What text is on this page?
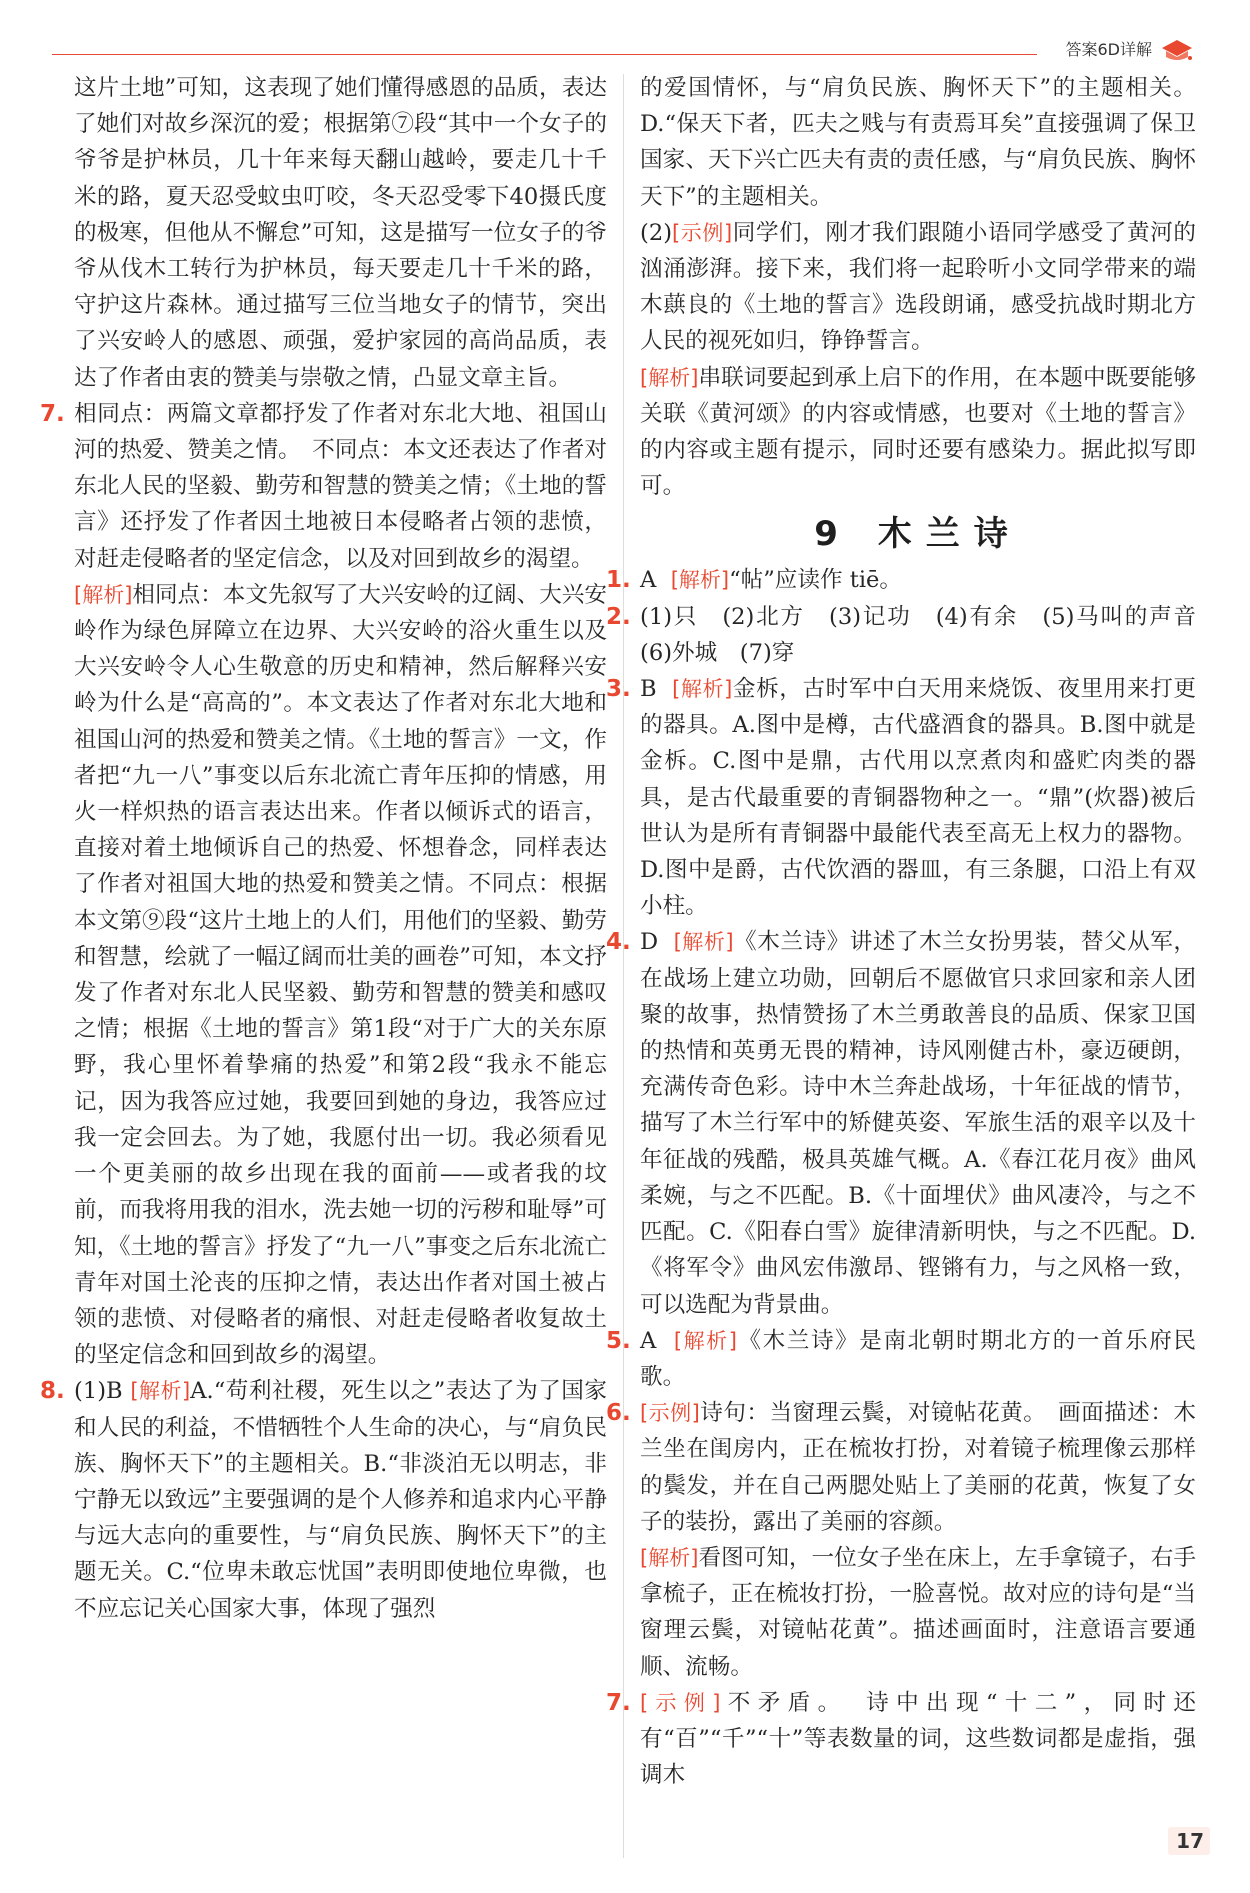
答案6D详解

这片土地”可知，这表现了她们懂得感恩的品质，表达了她们对故乡深沉的爱；根据第⑦段“其中一个女子的爷爷是护林员，几十年来每天翻山越岭，要走几十千米的路，夏天忍受蚊虫叮咬，冬天忍受零下40摄氏度的极寒，但他从不懈怠”可知，这是描写一位女子的爷爷从伐木工转行为护林员，每天要走几十千米的路，守护这片森林。通过描写三位当地女子的情节，突出了兴安岭人的感恩、顽强，爱护家园的高尚品质，表达了作者由衷的赞美与崇敬之情，凸显文章主旨。

7. 相同点：两篇文章都抒发了作者对东北大地、祖国山河的热爱、赞美之情。　不同点：本文还表达了作者对东北人民的坚毅、勤劳和智慧的赞美之情；《土地的誓言》还抒发了作者因土地被日本侵略者占领的悲愤，对赶走侵略者的坚定信念，以及对回到故乡的渴望。

[解析]相同点：本文先叙写了大兴安岭的辽阔、大兴安岭作为绿色屏障立在边界、大兴安岭的浴火重生以及大兴安岭令人心生敬意的历史和精神，然后解释兴安岭为什么是“高高的”。本文表达了作者对东北大地和祖国山河的热爱和赞美之情。《土地的誓言》一文，作者把“九一八”事变以后东北流亡青年压抑的情感，用火一样炽热的语言表达出来。作者以倾诉式的语言，直接对着土地倾诉自己的热爱、怀想眷念，同样表达了作者对祖国大地的热爱和赞美之情。不同点：根据本文第⑨段“这片土地上的人们，用他们的坚毅、勤劳和智慧，绘就了一幅辽阔而壮美的画卷”可知，本文抒发了作者对东北人民坚毅、勤劳和智慧的赞美和感叹之情；根据《土地的誓言》第1段“对于广大的关东原野，我心里怀着挚痛的热爱”和第2段“我永不能忘记，因为我答应过她，我要回到她的身边，我答应过我一定会回去。为了她，我愿付出一切。我必须看见一个更美丽的故乡出现在我的面前——或者我的坟前，而我将用我的泪水，洗去她一切的污秽和耻辱”可知，《土地的誓言》抒发了“九一八”事变之后东北流亡青年对国土沦丧的压抑之情，表达出作者对国土被占领的悲愤、对侵略者的痛恨、对赶走侵略者收复故土的坚定信念和回到故乡的渴望。

8. (1)B [解析]A.“苟利社稷，死生以之”表达了为了国家和人民的利益，不惜牺牲个人生命的决心，与“肩负民族、胸怀天下”的主题相关。B.“非淡泊无以明志，非宁静无以致远”主要强调的是个人修养和追求内心平静与远大志向的重要性，与“肩负民族、胸怀天下”的主题无关。C.“位卑未敢忘忧国”表明即使地位卑微，也不应忘记关心国家大事，体现了强烈

的爱国情怀，与“肩负民族、胸怀天下”的主题相关。D.“保天下者，匹夫之贱与有责焉耳矣”直接强调了保卫国家、天下兴亡匹夫有责的责任感，与“肩负民族、胸怀天下”的主题相关。

(2)[示例]同学们，刚才我们跟随小语同学感受了黄河的汹涌澎湃。接下来，我们将一起聆听小文同学带来的端木蕻良的《土地的誓言》选段朗诵，感受抗战时期北方人民的视死如归，铮铮誓言。

[解析]串联词要起到承上启下的作用，在本题中既要能够关联《黄河颂》的内容或情感，也要对《土地的誓言》的内容或主题有提示，同时还要有感染力。据此拟写即可。

9 木兰诗
1. A [解析]“帖”应读作 tiē。

2. (1)只　(2)北方　(3)记功　(4)有余　(5)马叫的声音　(6)外城　(7)穿

3. B [解析]金柝，古时军中白天用来烧饭、夜里用来打更的器具。A.图中是樽，古代盛酒食的器具。B.图中就是金柝。C.图中是鼎，古代用以烹煮肉和盛贮肉类的器具，是古代最重要的青铜器物种之一。“鼎”(炊器)被后世认为是所有青铜器中最能代表至高无上权力的器物。D.图中是爵，古代饮酒的器皿，有三条腿，口沿上有双小柱。

4. D [解析]《木兰诗》讲述了木兰女扮男装，替父从军，在战场上建立功勋，回朝后不愿做官只求回家和亲人团聚的故事，热情赞扬了木兰勇敢善良的品质、保家卫国的热情和英勇无畏的精神，诗风刚健古朴，豪迈硬朗，充满传奇色彩。诗中木兰奔赴战场，十年征战的情节，描写了木兰行军中的矫健英姿、军旅生活的艰辛以及十年征战的残酷，极具英雄气概。A.《春江花月夜》曲风柔婉，与之不匹配。B.《十面埋伏》曲风凄冷，与之不匹配。C.《阳春白雪》旋律清新明快，与之不匹配。D.《将军令》曲风宏伟激昂、铿锵有力，与之风格一致，可以选配为背景曲。

5. A [解析]《木兰诗》是南北朝时期北方的一首乐府民歌。

6. [示例]诗句：当窗理云鬓，对镜帖花黄。　画面描述：木兰坐在闺房内，正在梳妆打扮，对着镜子梳理像云那样的鬓发，并在自己两腮处贴上了美丽的花黄，恢复了女子的装扮，露出了美丽的容颜。

[解析]看图可知，一位女子坐在床上，左手拿镜子，右手拿梳子，正在梳妆打扮，一脸喜悦。故对应的诗句是“当窗理云鬓，对镜帖花黄”。描述画面时，注意语言要通顺、流畅。

7. [示例]不矛盾。　诗中出现“十二”，同时还有“百”“千”“十”等表数量的词，这些数词都是虚指，强调木

17
